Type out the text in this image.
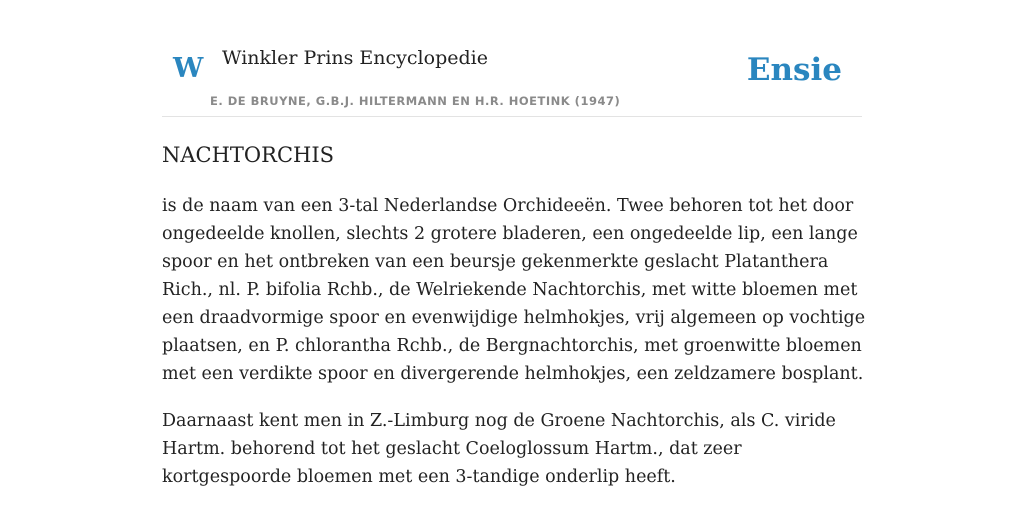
W Winkler Prins Encyclopedie
E. DE BRUYNE, G.B.J. HILTERMANN EN H.R. HOETINK (1947)
Ensie
NACHTORCHIS

is de naam van een 3-tal Nederlandse Orchideeën. Twee behoren tot het door ongedeelde knollen, slechts 2 grotere bladeren, een ongedeelde lip, een lange spoor en het ontbreken van een beursje gekenmerkte geslacht Platanthera Rich., nl. P. bifolia Rchb., de Welriekende Nachtorchis, met witte bloemen met een draadvormige spoor en evenwijdige helmhokjes, vrij algemeen op vochtige plaatsen, en P. chlorantha Rchb., de Bergnachtorchis, met groenwitte bloemen met een verdikte spoor en divergerende helmhokjes, een zeldzamere bosplant.

Daarnaast kent men in Z.-Limburg nog de Groene Nachtorchis, als C. viride Hartm. behorend tot het geslacht Coeloglossum Hartm., dat zeer kortgespoorde bloemen met een 3-tandige onderlip heeft.
